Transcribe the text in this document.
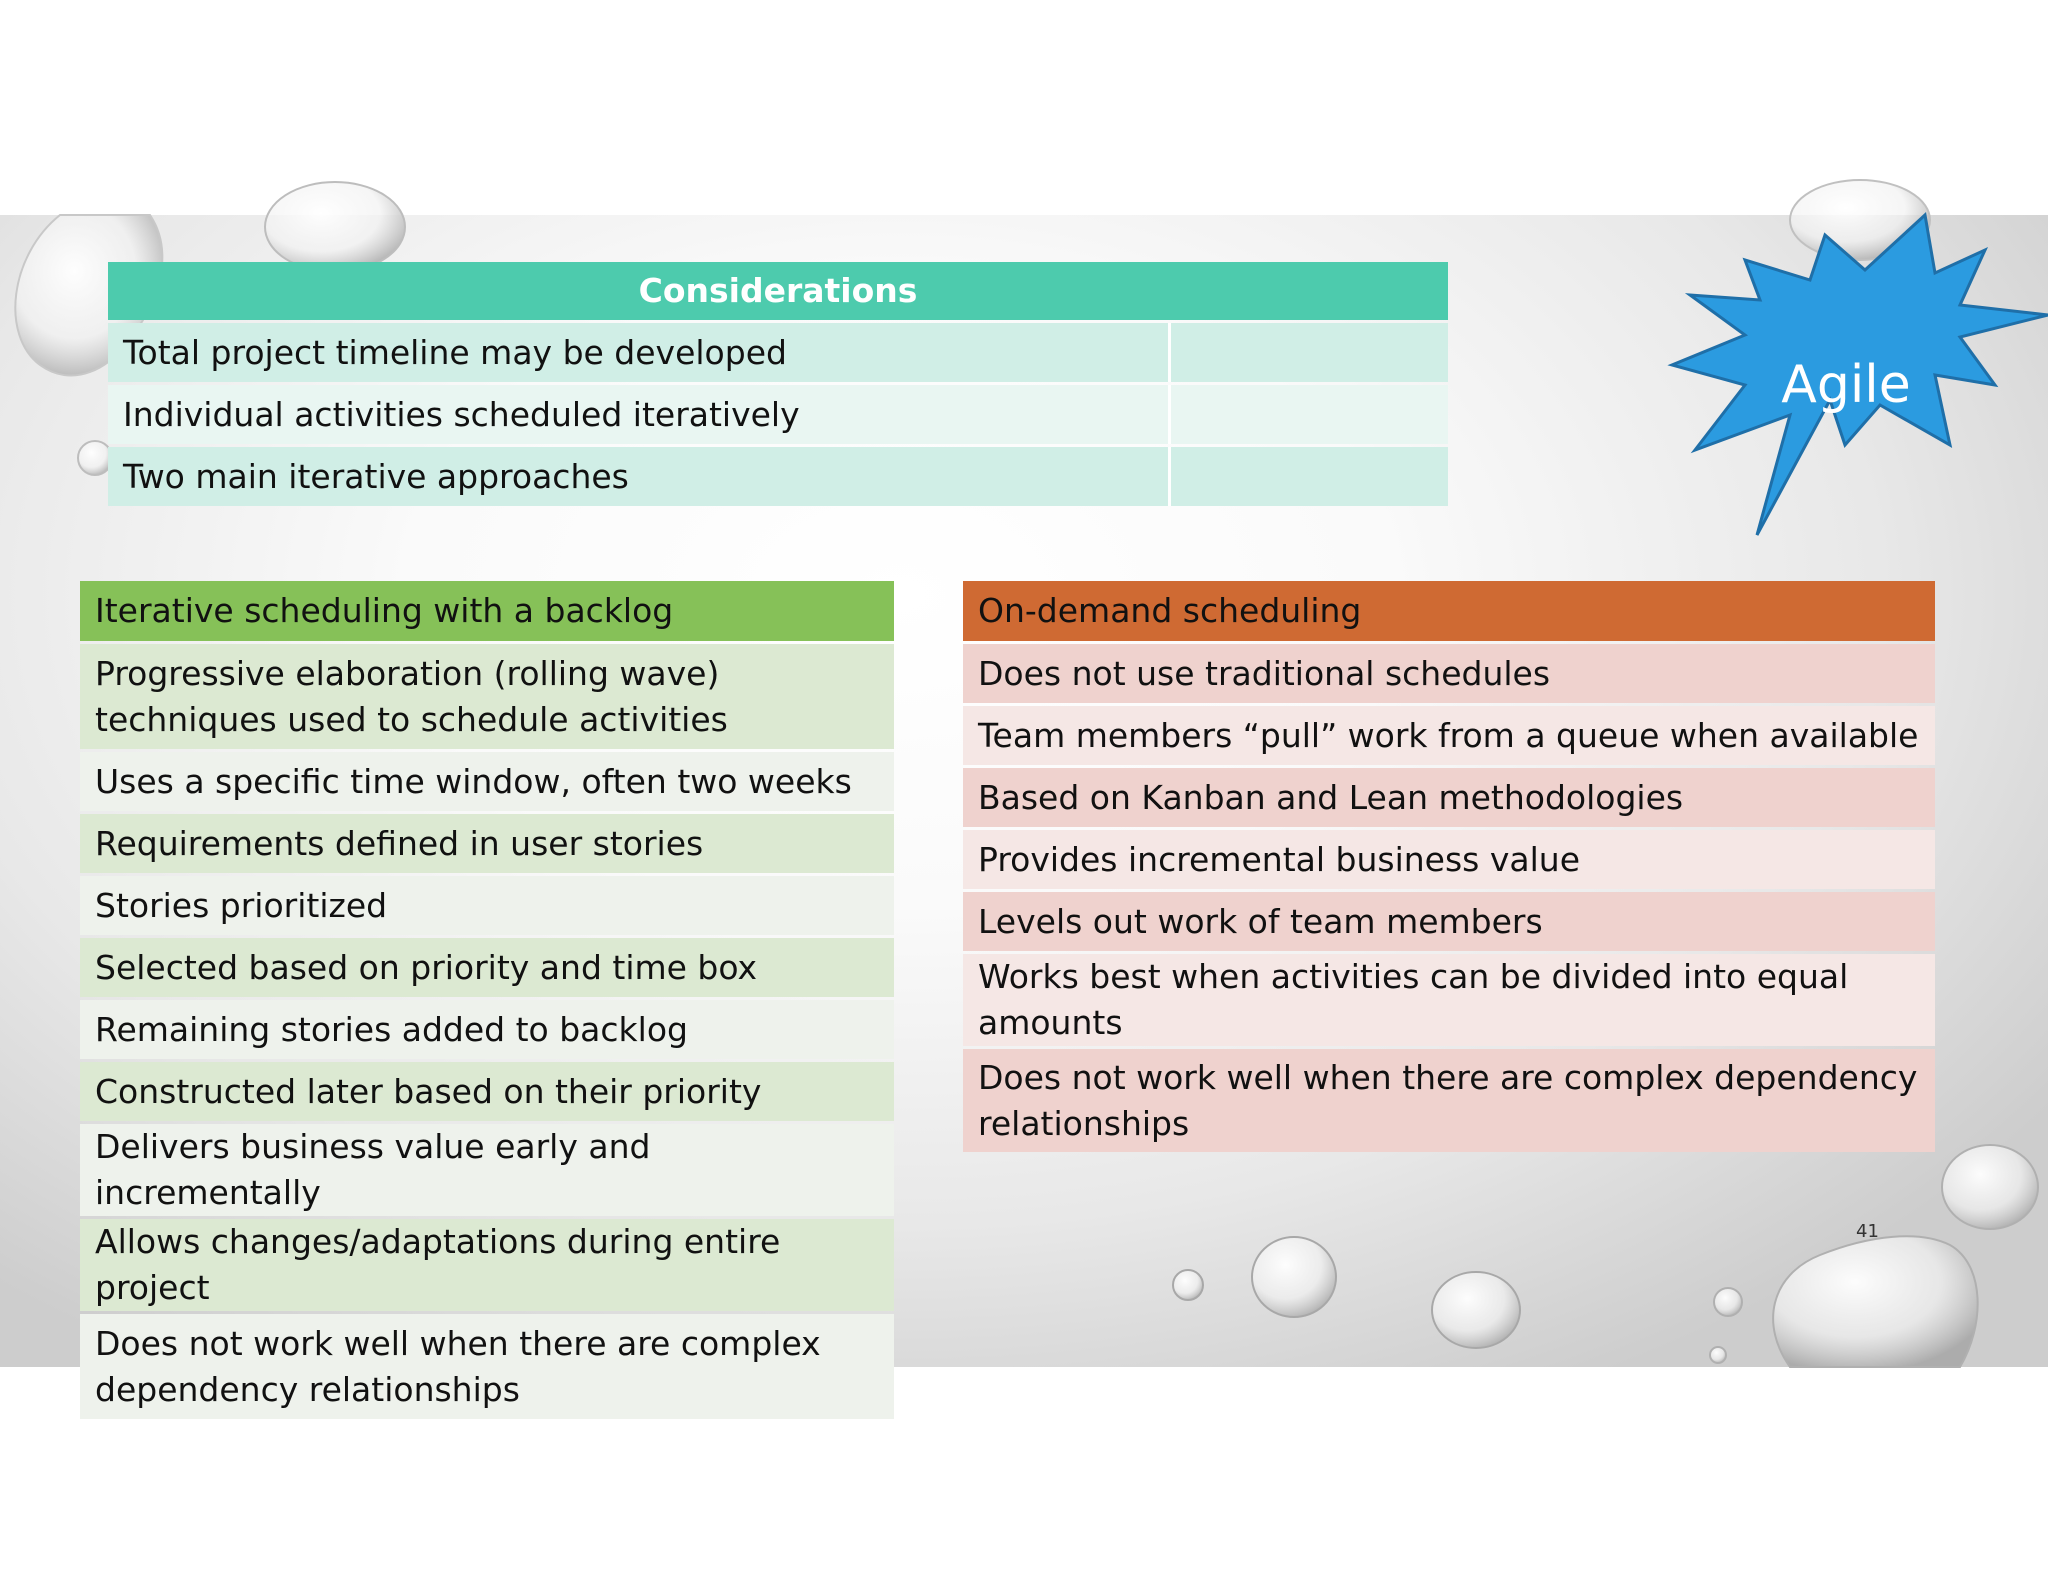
Agile
Considerations	
Total project timeline may be developed	
Individual activities scheduled iteratively	
Two main iterative approaches	
Iterative scheduling with a backlog
Progressive elaboration (rolling wave) techniques used to schedule activities
Uses a specific time window, often two weeks
Requirements defined in user stories
Stories prioritized
Selected based on priority and time box
Remaining stories added to backlog
Constructed later based on their priority
Delivers business value early and incrementally
Allows changes/adaptations during entire project
Does not work well when there are complex dependency relationships
On-demand scheduling
Does not use traditional schedules
Team members “pull” work from a queue when available
Based on Kanban and Lean methodologies
Provides incremental business value
Levels out work of team members
Works best when activities can be divided into equal amounts
Does not work well when there are complex dependency relationships
41
